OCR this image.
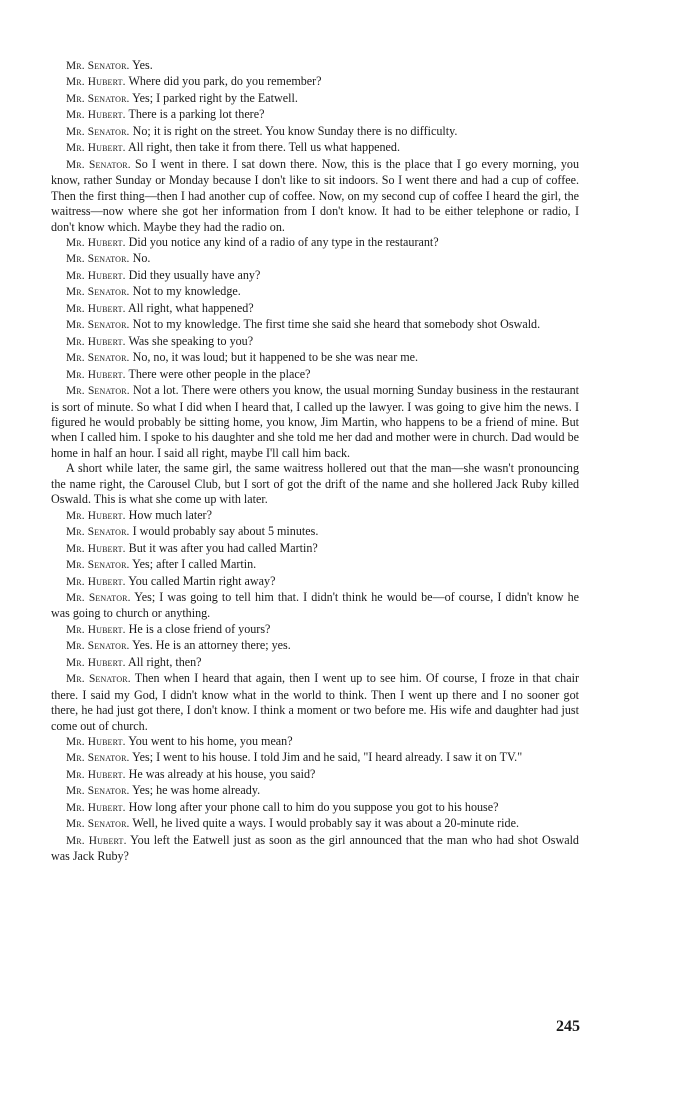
Mr. Senator. Yes.

Mr. Hubert. Where did you park, do you remember?

Mr. Senator. Yes; I parked right by the Eatwell.

Mr. Hubert. There is a parking lot there?

Mr. Senator. No; it is right on the street. You know Sunday there is no difficulty.

Mr. Hubert. All right, then take it from there. Tell us what happened.

Mr. Senator. So I went in there. I sat down there. Now, this is the place that I go every morning, you know, rather Sunday or Monday because I don't like to sit indoors. So I went there and had a cup of coffee. Then the first thing—then I had another cup of coffee. Now, on my second cup of coffee I heard the girl, the waitress—now where she got her information from I don't know. It had to be either telephone or radio, I don't know which. Maybe they had the radio on.

Mr. Hubert. Did you notice any kind of a radio of any type in the restaurant?

Mr. Senator. No.

Mr. Hubert. Did they usually have any?

Mr. Senator. Not to my knowledge.

Mr. Hubert. All right, what happened?

Mr. Senator. Not to my knowledge. The first time she said she heard that somebody shot Oswald.

Mr. Hubert. Was she speaking to you?

Mr. Senator. No, no, it was loud; but it happened to be she was near me.

Mr. Hubert. There were other people in the place?

Mr. Senator. Not a lot. There were others you know, the usual morning Sunday business in the restaurant is sort of minute. So what I did when I heard that, I called up the lawyer. I was going to give him the news. I figured he would probably be sitting home, you know, Jim Martin, who happens to be a friend of mine. But when I called him. I spoke to his daughter and she told me her dad and mother were in church. Dad would be home in half an hour. I said all right, maybe I'll call him back.

A short while later, the same girl, the same waitress hollered out that the man—she wasn't pronouncing the name right, the Carousel Club, but I sort of got the drift of the name and she hollered Jack Ruby killed Oswald. This is what she come up with later.

Mr. Hubert. How much later?

Mr. Senator. I would probably say about 5 minutes.

Mr. Hubert. But it was after you had called Martin?

Mr. Senator. Yes; after I called Martin.

Mr. Hubert. You called Martin right away?

Mr. Senator. Yes; I was going to tell him that. I didn't think he would be—of course, I didn't know he was going to church or anything.

Mr. Hubert. He is a close friend of yours?

Mr. Senator. Yes. He is an attorney there; yes.

Mr. Hubert. All right, then?

Mr. Senator. Then when I heard that again, then I went up to see him. Of course, I froze in that chair there. I said my God, I didn't know what in the world to think. Then I went up there and I no sooner got there, he had just got there, I don't know. I think a moment or two before me. His wife and daughter had just come out of church.

Mr. Hubert. You went to his home, you mean?

Mr. Senator. Yes; I went to his house. I told Jim and he said, "I heard already. I saw it on TV."

Mr. Hubert. He was already at his house, you said?

Mr. Senator. Yes; he was home already.

Mr. Hubert. How long after your phone call to him do you suppose you got to his house?

Mr. Senator. Well, he lived quite a ways. I would probably say it was about a 20-minute ride.

Mr. Hubert. You left the Eatwell just as soon as the girl announced that the man who had shot Oswald was Jack Ruby?

245
